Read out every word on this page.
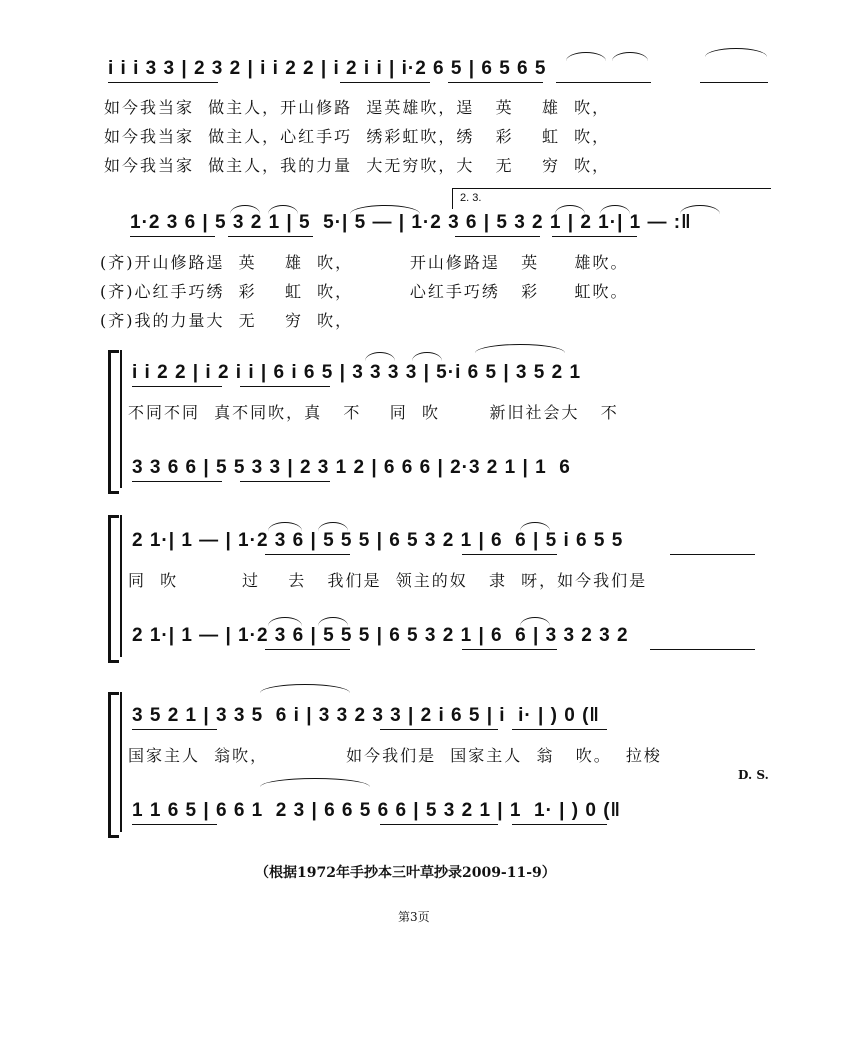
i i i 3 3 | 2 3 2 | i i 2 2 | i 2 i i | i·2 6 5 | 6 5 6 5
如今我当家  做主人，开山修路  逞英雄吹，逞   英    雄  吹，
如今我当家  做主人，心红手巧  绣彩虹吹，绣   彩    虹  吹，
如今我当家  做主人，我的力量  大无穷吹，大   无    穷  吹，
2. 3.
1·2 3 6 | 5 3 2 1 | 5  5·| 5 — | 1·2 3 6 | 5 3 2 1 | 2 1·| 1 — :‖
(齐)开山修路逞  英    雄  吹，        开山修路逞   英     雄吹。
(齐)心红手巧绣  彩    虹  吹，        心红手巧绣   彩     虹吹。
(齐)我的力量大  无    穷  吹，
i i 2 2 | i 2 i i | 6 i 6 5 | 3 3 3 3 | 5·i 6 5 | 3 5 2 1
不同不同  真不同吹，真   不    同  吹       新旧社会大   不
3 3 6 6 | 5 5 3 3 | 2 3 1 2 | 6 6 6 | 2·3 2 1 | 1  6
2 1·| 1 — | 1·2 3 6 | 5 5 5 | 6 5 3 2 1 | 6  6 | 5 i 6 5 5
同  吹         过    去   我们是  领主的奴   隶  呀，如今我们是
2 1·| 1 — | 1·2 3 6 | 5 5 5 | 6 5 3 2 1 | 6  6 | 3 3 2 3 2
3 5 2 1 | 3 3 5  6 i | 3 3 2 3 3 | 2 i 6 5 | i  i· | ) 0 (‖
国家主人  翁吹，           如今我们是  国家主人  翁   吹。  拉梭
D. S.
1 1 6 5 | 6 6 1  2 3 | 6 6 5 6 6 | 5 3 2 1 | 1  1· | ) 0 (‖
（根据1972年手抄本三叶草抄录2009-11-9）
第3页
